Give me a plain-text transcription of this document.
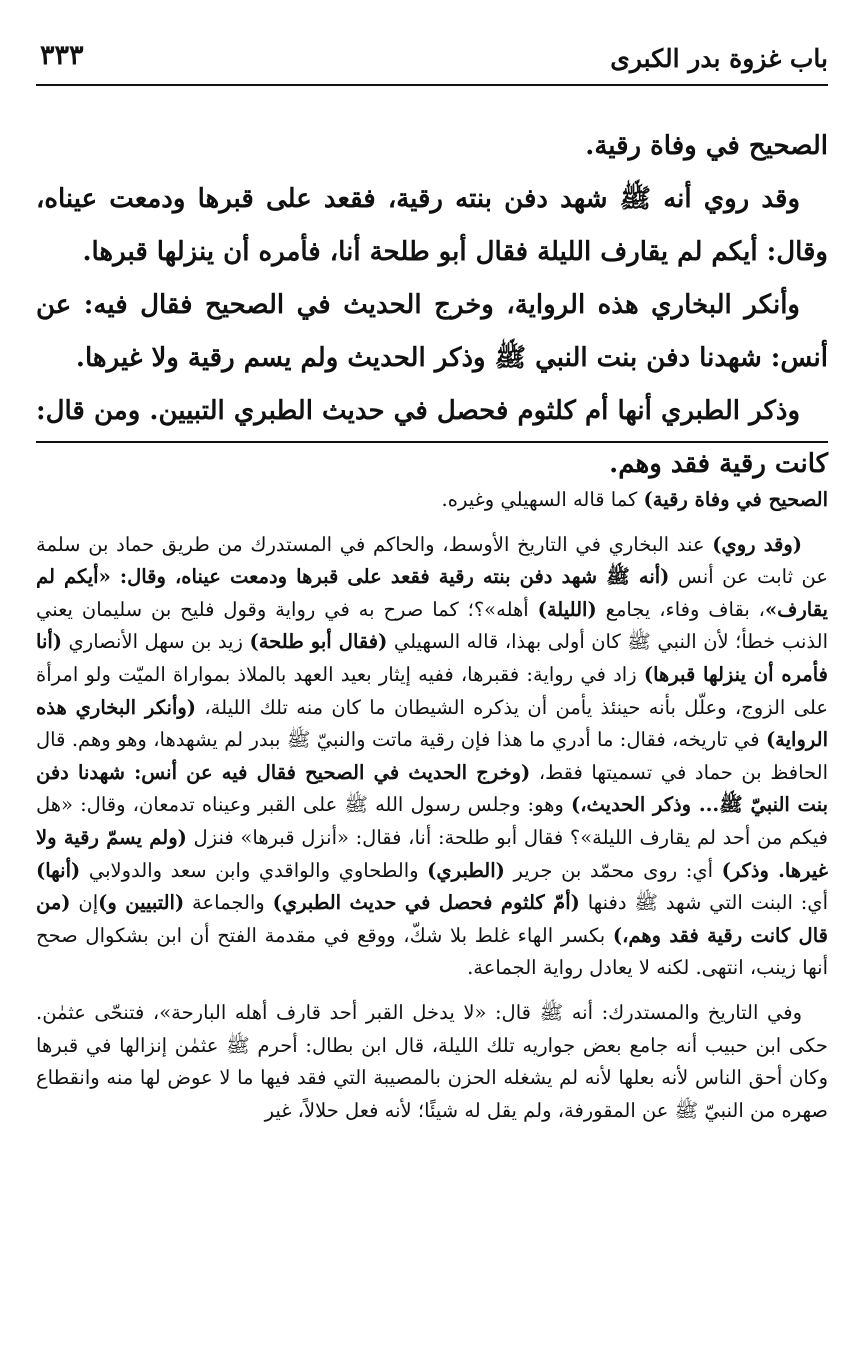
باب غزوة بدر الكبرى
٣٣٣

الصحيح في وفاة رقية.

وقد روي أنه ﷺ شهد دفن بنته رقية، فقعد على قبرها ودمعت عيناه، وقال: أيكم لم يقارف الليلة فقال أبو طلحة أنا، فأمره أن ينزلها قبرها.

وأنكر البخاري هذه الرواية، وخرج الحديث في الصحيح فقال فيه: عن أنس: شهدنا دفن بنت النبي ﷺ وذكر الحديث ولم يسم رقية ولا غيرها.

وذكر الطبري أنها أم كلثوم فحصل في حديث الطبري التبيين. ومن قال: كانت رقية فقد وهم.

الصحيح في وفاة رقية) كما قاله السهيلي وغيره.

(وقد روي) عند البخاري في التاريخ الأوسط، والحاكم في المستدرك من طريق حماد بن سلمة عن ثابت عن أنس (أنه ﷺ شهد دفن بنته رقية فقعد على قبرها ودمعت عيناه، وقال: «أيكم لم يقارف»، بقاف وفاء، يجامع (الليلة) أهله»؟؛ كما صرح به في رواية وقول فليح بن سليمان يعني الذنب خطأ؛ لأن النبي ﷺ كان أولى بهذا، قاله السهيلي (فقال أبو طلحة) زيد بن سهل الأنصاري (أنا فأمره أن ينزلها قبرها) زاد في رواية: فقبرها، ففيه إيثار بعيد العهد بالملاذ بمواراة الميّت ولو امرأة على الزوج، وعلّل بأنه حينئذ يأمن أن يذكره الشيطان ما كان منه تلك الليلة، (وأنكر البخاري هذه الرواية) في تاريخه، فقال: ما أدري ما هذا فإن رقية ماتت والنبيّ ﷺ ببدر لم يشهدها، وهو وهم. قال الحافظ بن حماد في تسميتها فقط، (وخرج الحديث في الصحيح فقال فيه عن أنس: شهدنا دفن بنت النبيّ ﷺ... وذكر الحديث،) وهو: وجلس رسول الله ﷺ على القبر وعيناه تدمعان، وقال: «هل فيكم من أحد لم يقارف الليلة»؟ فقال أبو طلحة: أنا، فقال: «أنزل قبرها» فنزل (ولم يسمّ رقية ولا غيرها. وذكر) أي: روى محمّد بن جرير (الطبري) والطحاوي والواقدي وابن سعد والدولابي (أنها) أي: البنت التي شهد ﷺ دفنها (أمّ كلثوم فحصل في حديث الطبري) والجماعة (التبيين و)إن (من قال كانت رقية فقد وهم،) بكسر الهاء غلط بلا شكّ، ووقع في مقدمة الفتح أن ابن بشكوال صحح أنها زينب، انتهى. لكنه لا يعادل رواية الجماعة.

وفي التاريخ والمستدرك: أنه ﷺ قال: «لا يدخل القبر أحد قارف أهله البارحة»، فتنحّى عثمٰن. حكى ابن حبيب أنه جامع بعض جواريه تلك الليلة، قال ابن بطال: أحرم ﷺ عثمٰن إنزالها في قبرها وكان أحق الناس لأنه بعلها لأنه لم يشغله الحزن بالمصيبة التي فقد فيها ما لا عوض لها منه وانقطاع صهره من النبيّ ﷺ عن المقورفة، ولم يقل له شيئًا؛ لأنه فعل حلالاً، غير
